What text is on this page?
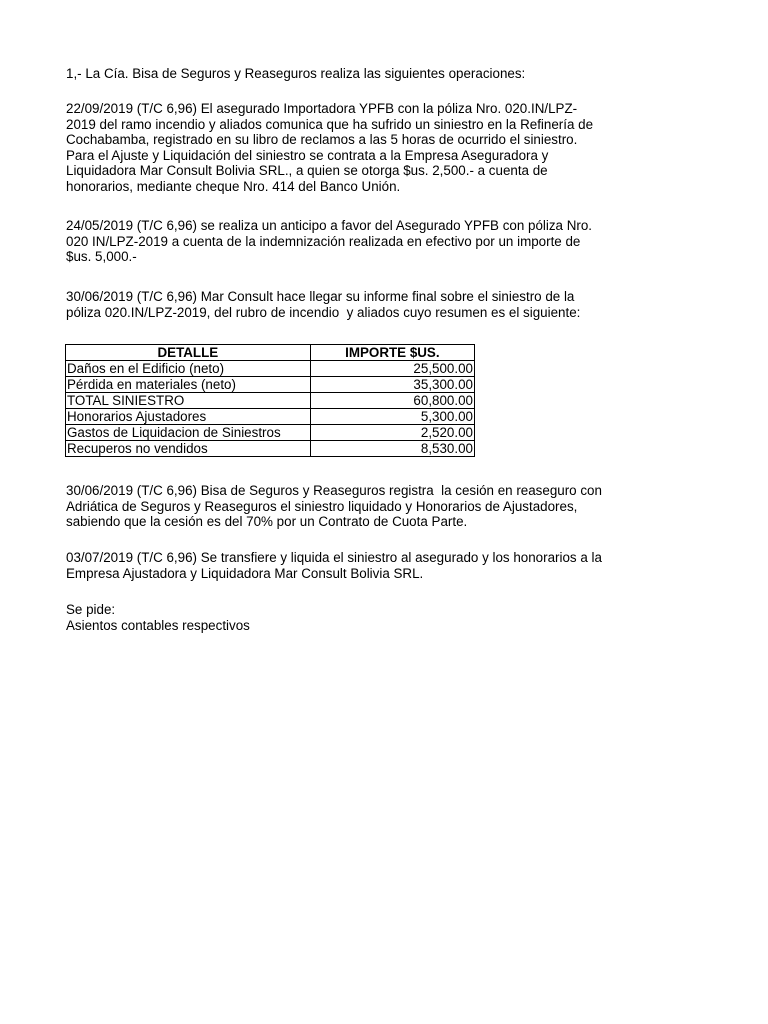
1,- La Cía. Bisa de Seguros y Reaseguros realiza las siguientes operaciones:
22/09/2019 (T/C 6,96) El asegurado Importadora YPFB con la póliza Nro. 020.IN/LPZ-
2019 del ramo incendio y aliados comunica que ha sufrido un siniestro en la Refinería de
Cochabamba, registrado en su libro de reclamos a las 5 horas de ocurrido el siniestro.
Para el Ajuste y Liquidación del siniestro se contrata a la Empresa Aseguradora y
Liquidadora Mar Consult Bolivia SRL., a quien se otorga $us. 2,500.- a cuenta de
honorarios, mediante cheque Nro. 414 del Banco Unión.
24/05/2019 (T/C 6,96) se realiza un anticipo a favor del Asegurado YPFB con póliza Nro.
020 IN/LPZ-2019 a cuenta de la indemnización realizada en efectivo por un importe de
$us. 5,000.-
30/06/2019 (T/C 6,96) Mar Consult hace llegar su informe final sobre el siniestro de la
póliza 020.IN/LPZ-2019, del rubro de incendio  y aliados cuyo resumen es el siguiente:
DETALLE	IMPORTE $US.
Daños en el Edificio (neto)	25,500.00
Pérdida en materiales (neto)	35,300.00
TOTAL SINIESTRO	60,800.00
Honorarios Ajustadores	5,300.00
Gastos de Liquidacion de Siniestros	2,520.00
Recuperos no vendidos	8,530.00
30/06/2019 (T/C 6,96) Bisa de Seguros y Reaseguros registra  la cesión en reaseguro con
Adriática de Seguros y Reaseguros el siniestro liquidado y Honorarios de Ajustadores,
sabiendo que la cesión es del 70% por un Contrato de Cuota Parte.
03/07/2019 (T/C 6,96) Se transfiere y liquida el siniestro al asegurado y los honorarios a la
Empresa Ajustadora y Liquidadora Mar Consult Bolivia SRL.
Se pide:
Asientos contables respectivos
